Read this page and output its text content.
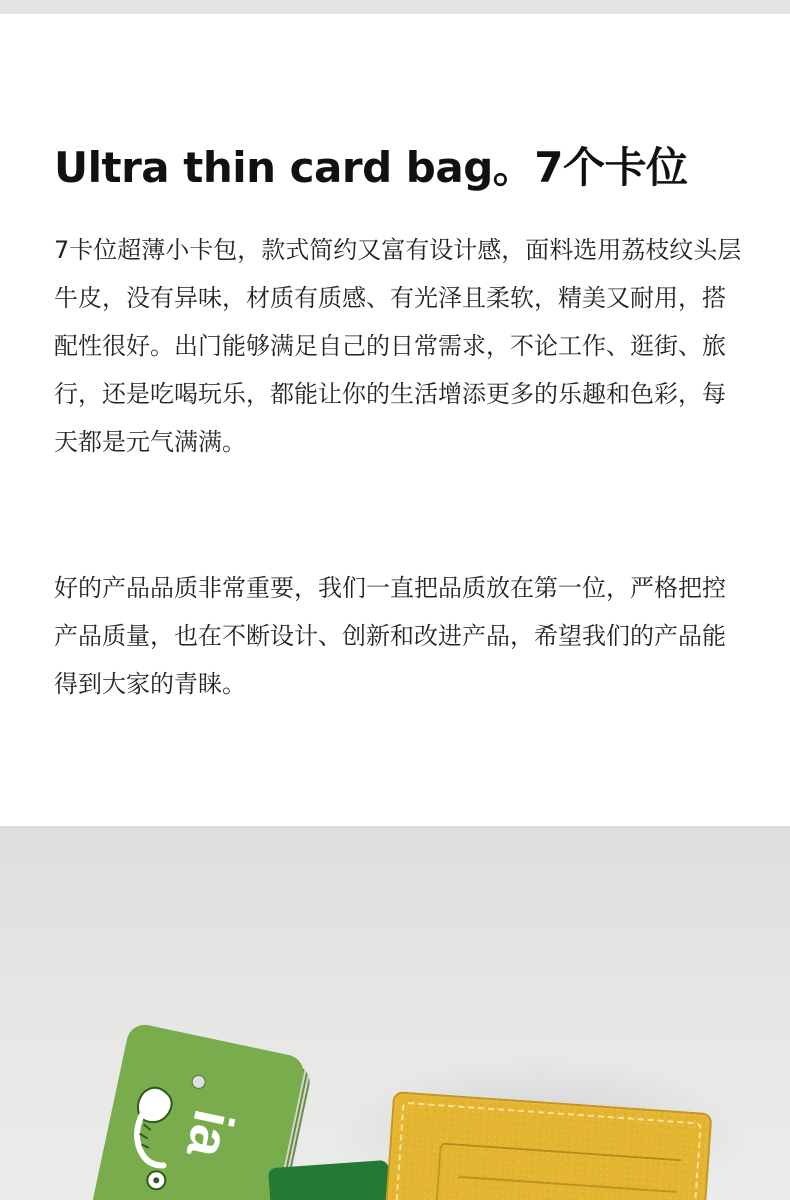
Ultra thin card bag。7个卡位

7卡位超薄小卡包，款式简约又富有设计感，面料选用荔枝纹头层牛皮，没有异味，材质有质感、有光泽且柔软，精美又耐用，搭配性很好。出门能够满足自己的日常需求，不论工作、逛街、旅行，还是吃喝玩乐，都能让你的生活增添更多的乐趣和色彩，每天都是元气满满。

好的产品品质非常重要，我们一直把品质放在第一位，严格把控产品质量，也在不断设计、创新和改进产品，希望我们的产品能得到大家的青睐。

ia
